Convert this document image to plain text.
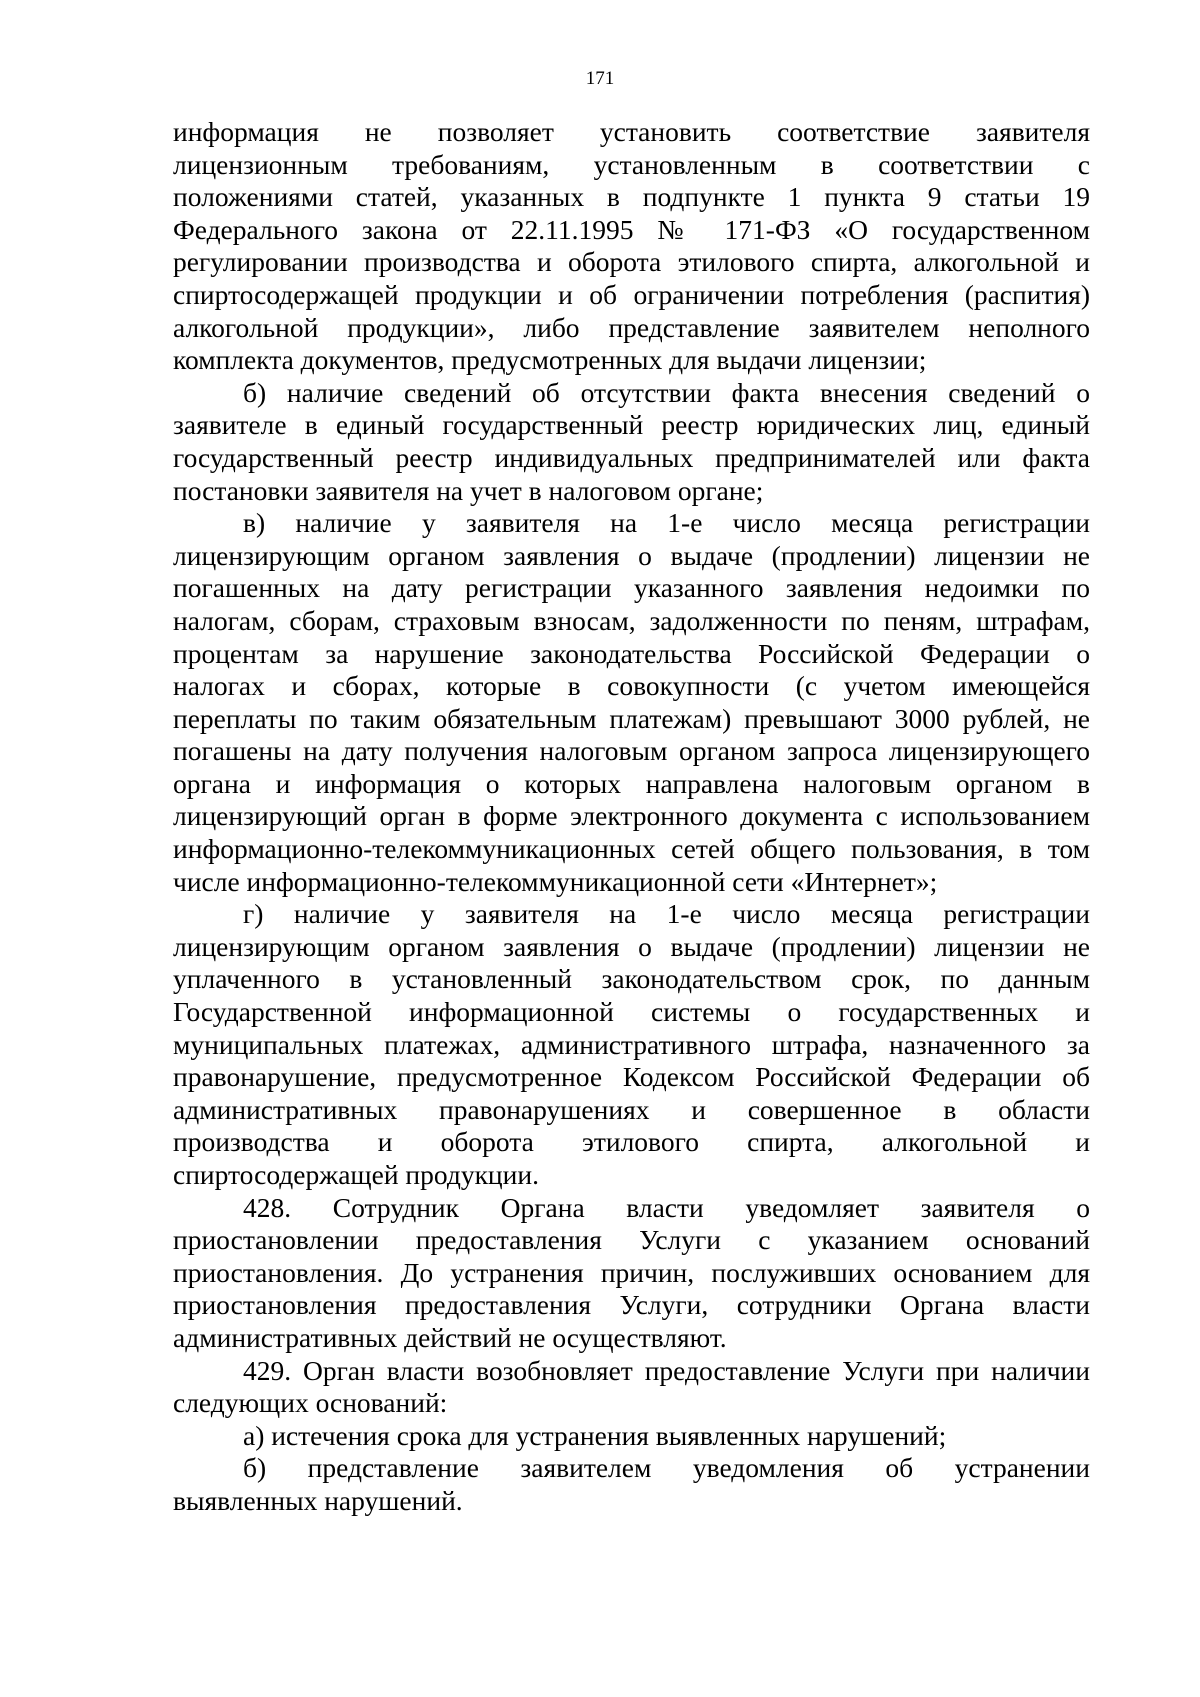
171
информация не позволяет установить соответствие заявителя
лицензионным требованиям, установленным в соответствии с
положениями статей, указанных в подпункте 1 пункта 9 статьи 19
Федерального закона от 22.11.1995 № 171-ФЗ «О государственном
регулировании производства и оборота этилового спирта, алкогольной и
спиртосодержащей продукции и об ограничении потребления (распития)
алкогольной продукции», либо представление заявителем неполного
комплекта документов, предусмотренных для выдачи лицензии;
б) наличие сведений об отсутствии факта внесения сведений о
заявителе в единый государственный реестр юридических лиц, единый
государственный реестр индивидуальных предпринимателей или факта
постановки заявителя на учет в налоговом органе;
в) наличие у заявителя на 1-е число месяца регистрации
лицензирующим органом заявления о выдаче (продлении) лицензии не
погашенных на дату регистрации указанного заявления недоимки по
налогам, сборам, страховым взносам, задолженности по пеням, штрафам,
процентам за нарушение законодательства Российской Федерации о
налогах и сборах, которые в совокупности (с учетом имеющейся
переплаты по таким обязательным платежам) превышают 3000 рублей, не
погашены на дату получения налоговым органом запроса лицензирующего
органа и информация о которых направлена налоговым органом в
лицензирующий орган в форме электронного документа с использованием
информационно-телекоммуникационных сетей общего пользования, в том
числе информационно-телекоммуникационной сети «Интернет»;
г) наличие у заявителя на 1-е число месяца регистрации
лицензирующим органом заявления о выдаче (продлении) лицензии не
уплаченного в установленный законодательством срок, по данным
Государственной информационной системы о государственных и
муниципальных платежах, административного штрафа, назначенного за
правонарушение, предусмотренное Кодексом Российской Федерации об
административных правонарушениях и совершенное в области
производства и оборота этилового спирта, алкогольной и
спиртосодержащей продукции.
428. Сотрудник Органа власти уведомляет заявителя о
приостановлении предоставления Услуги с указанием оснований
приостановления. До устранения причин, послуживших основанием для
приостановления предоставления Услуги, сотрудники Органа власти
административных действий не осуществляют.
429. Орган власти возобновляет предоставление Услуги при наличии
следующих оснований:
а) истечения срока для устранения выявленных нарушений;
б) представление заявителем уведомления об устранении
выявленных нарушений.
